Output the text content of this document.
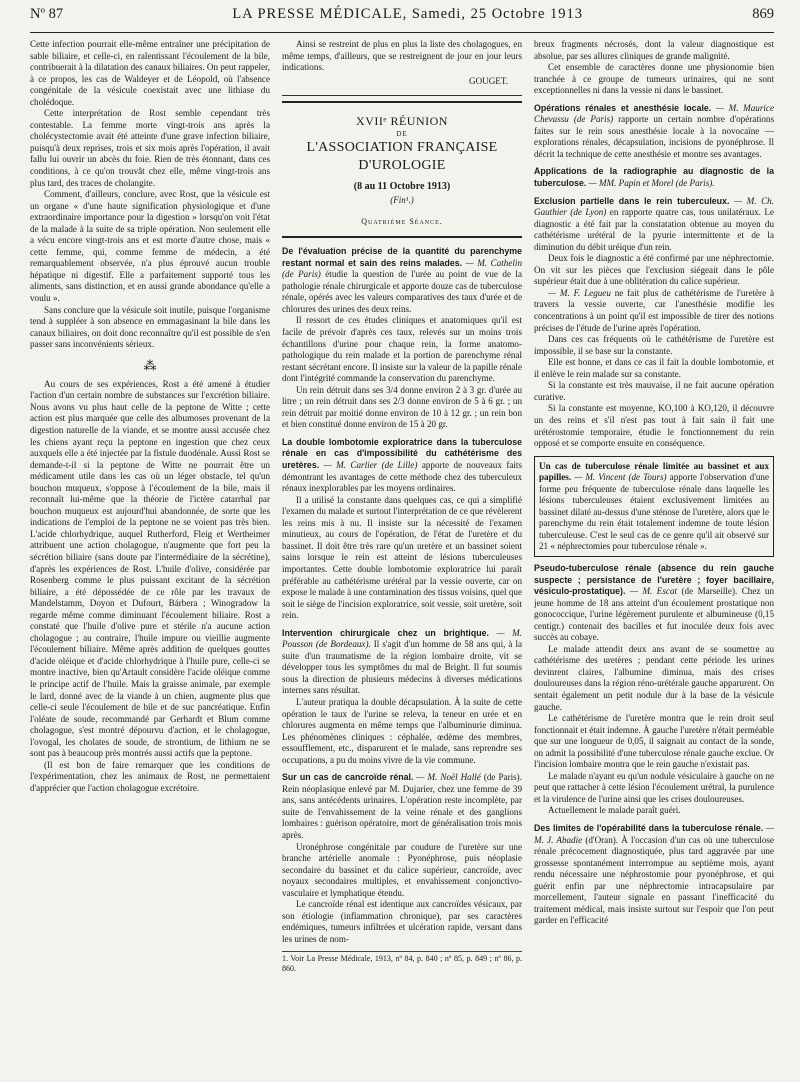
Nº 87	LA PRESSE MÉDICALE, Samedi, 25 Octobre 1913	869

Cette infection pourrait elle-même entraîner une précipitation de sable biliaire, et celle-ci, en ralentissant l'écoulement de la bile, contribuerait à la dilatation des canaux biliaires. On peut rappeler, à ce propos, les cas de Waldeyer et de Léopold, où l'absence congénitale de la vésicule coexistait avec une lithiase du cholédoque.

Cette interprétation de Rost semble cependant très contestable. La femme morte vingt-trois ans après la cholécystectomie avait été atteinte d'une grave infection biliaire, puisqu'à deux reprises, trois et six mois après l'opération, il avait fallu lui ouvrir un abcès du foie. Rien de très étonnant, dans ces conditions, à ce qu'on trouvât chez elle, même vingt-trois ans plus tard, des traces de cholangite.

Comment, d'ailleurs, conclure, avec Rost, que la vésicule est un organe « d'une haute signification physiologique et d'une extraordinaire importance pour la digestion » lorsqu'on voit l'état de la malade à la suite de sa triple opération. Non seulement elle a vécu encore vingt-trois ans et est morte d'autre chose, mais « cette femme, qui, comme femme de médecin, a été remarquablement observée, n'a plus éprouvé aucun trouble hépatique ni digestif. Elle a parfaitement supporté tous les aliments, sans distinction, et en aussi grande abondance qu'elle a voulu ».

Sans conclure que la vésicule soit inutile, puisque l'organisme tend à suppléer à son absence en emmagasinant la bile dans les canaux biliaires, on doit donc reconnaître qu'il est possible de s'en passer sans inconvénients sérieux.

⁂

Au cours de ses expériences, Rost a été amené à étudier l'action d'un certain nombre de substances sur l'excrétion biliaire. Nous avons vu plus haut celle de la peptone de Witte ; cette action est plus marquée que celle des albumoses provenant de la digestion naturelle de la viande, et se montre aussi accusée chez les chiens ayant reçu la peptone en ingestion que chez ceux auxquels elle a été injectée par la fistule duodénale. Aussi Rost se demande-t-il si la peptone de Witte ne pourrait être un médicament utile dans les cas où un léger obstacle, tel qu'un bouchon muqueux, s'oppose à l'écoulement de la bile, mais il reconnaît lui-même que la théorie de l'ictère catarrhal par bouchon muqueux est aujourd'hui abandonnée, de sorte que les indications de l'emploi de la peptone ne se voient pas très bien. L'acide chlorhydrique, auquel Rutherford, Fleig et Wertheimer attribuent une action cholagogue, n'augmente que fort peu la sécrétion biliaire (sans doute par l'intermédiaire de la sécrétine), d'après les expériences de Rost. L'huile d'olive, considérée par Rosenberg comme le plus puissant excitant de la sécrétion biliaire, a été dépossédée de ce rôle par les travaux de Mandelstamm, Doyon et Dufourt, Bárbera ; Winogradow la regarde même comme diminuant l'écoulement biliaire. Rost a constaté que l'huile d'olive pure et stérile n'a aucune action cholagogue ; au contraire, l'huile impure ou vieillie augmente l'écoulement biliaire. Même après addition de quelques gouttes d'acide oléique et d'acide chlorhydrique à l'huile pure, celle-ci se montre inactive, bien qu'Artault considère l'acide oléique comme le principe actif de l'huile. Mais la graisse animale, par exemple le lard, donné avec de la viande à un chien, augmente plus que celle-ci seule l'écoulement de bile et de suc pancréatique. Enfin l'oléate de soude, recommandé par Gerhardt et Blum comme cholagogue, s'est montré dépourvu d'action, et le cholagogue, l'ovogal, les cholates de soude, de strontium, de lithium ne se sont pas à beaucoup près montrés aussi actifs que la peptone.

(Il est bon de faire remarquer que les conditions de l'expérimentation, chez les animaux de Rost, ne permettaient d'apprécier que l'action cholagogue excrétoire.

Ainsi se restreint de plus en plus la liste des cholagogues, en même temps, d'ailleurs, que se restreignent de jour en jour leurs indications.

GOUGET.

XVIIᵉ RÉUNION
DE
L'ASSOCIATION FRANÇAISE D'UROLOGIE
(8 au 11 Octobre 1913)
(Fin¹.)
Quatrième Séance.

De l'évaluation précise de la quantité du parenchyme restant normal et sain des reins malades. — M. Cathelin (de Paris) étudie la question de l'urée au point de vue de la pathologie rénale chirurgicale et apporte douze cas de tuberculose rénale, opérés avec les valeurs comparatives des taux d'urée et de chlorures des urines des deux reins.

Il ressort de ces études cliniques et anatomiques qu'il est facile de prévoir d'après ces taux, relevés sur un moins trois échantillons d'urine pour chaque rein, la forme anatomo-pathologique du rein malade et la portion de parenchyme rénal restant sécrétant encore. Il insiste sur la valeur de la papille rénale dont l'intégrité commande la conservation du parenchyme.

Un rein détruit dans ses 3/4 donne environ 2 à 3 gr. d'urée au litre ; un rein détruit dans ses 2/3 donne environ de 5 à 6 gr. ; un rein détruit par moitié donne environ de 10 à 12 gr. ; un rein bon et bien constitué donne environ de 15 à 20 gr.

La double lombotomie exploratrice dans la tuberculose rénale en cas d'impossibilité du cathétérisme des uretères. — M. Carlier (de Lille) apporte de nouveaux faits démontrant les avantages de cette méthode chez des tuberculeux rénaux inexplorables par les moyens ordinaires.

Il a utilisé la constante dans quelques cas, ce qui a simplifié l'examen du malade et surtout l'interprétation de ce que révèlerent les reins mis à nu. Il insiste sur la nécessité de l'examen minutieux, au cours de l'opération, de l'état de l'uretère et du bassinet. Il doit être très rare qu'un uretère et un bassinet soient sains lorsque le rein est atteint de lésions tuberculeuses importantes. Cette double lombotomie exploratrice lui paraît préférable au cathétérisme urétéral par la vessie ouverte, car on expose le malade à une contamination des tissus voisins, quel que soit le siège de l'incision exploratrice, soit vessie, soit uretère, soit rein.

Intervention chirurgicale chez un brightique. — M. Pousson (de Bordeaux). Il s'agit d'un homme de 58 ans qui, à la suite d'un traumatisme de la région lombaire droite, vit se développer tous les symptômes du mal de Bright. Il fut soumis sous la direction de plusieurs médecins à diverses médications internes sans résultat.

L'auteur pratiqua la double décapsulation. À la suite de cette opération le taux de l'urine se releva, la teneur en urée et en chlorures augmenta en même temps que l'albuminurie diminua. Les phénomènes cliniques : céphalée, œdème des membres, essoufflement, etc., disparurent et le malade, sans reprendre ses occupations, a pu du moins vivre de la vie commune.

Sur un cas de cancroïde rénal. — M. Noël Hallé (de Paris). Rein néoplasique enlevé par M. Dujarier, chez une femme de 39 ans, sans antécédents urinaires. L'opération reste incomplète, par suite de l'envahissement de la veine rénale et des ganglions lombaires : guérison opératoire, mort de généralisation trois mois après.

Uronéphrose congénitale par coudure de l'uretère sur une branche artérielle anomale : Pyonéphrose, puis néoplasie secondaire du bassinet et du calice supérieur, cancroïde, avec noyaux secondaires multiples, et envahissement conjonctivo-vasculaire et lymphatique étendu.

Le cancroïde rénal est identique aux cancroïdes vésicaux, par son étiologie (inflammation chronique), par ses caractères endémiques, tumeurs infiltrées et ulcération rapide, versant dans les urines de nom-

1. Voir La Presse Médicale, 1913, nº 84, p. 840 ; nº 85, p. 849 ; nº 86, p. 860.

breux fragments nécrosés, dont la valeur diagnostique est absolue, par ses allures cliniques de grande malignité.

Cet ensemble de caractères donne une physionomie bien tranchée à ce groupe de tumeurs urinaires, qui ne sont exceptionnelles ni dans la vessie ni dans le bassinet.

Opérations rénales et anesthésie locale. — M. Maurice Chevassu (de Paris) rapporte un certain nombre d'opérations faites sur le rein sous anesthésie locale à la novocaïne — explorations rénales, décapsulation, incisions de pyonéphrose. Il décrit la technique de cette anesthésie et montre ses avantages.

Applications de la radiographie au diagnostic de la tuberculose. — MM. Papin et Morel (de Paris).

Exclusion partielle dans le rein tuberculeux. — M. Ch. Gauthier (de Lyon) en rapporte quatre cas, tous unilatéraux. Le diagnostic a été fait par la constatation obtenue au moyen du cathétérisme urétéral de la pyurie intermittente et de la diminution du débit uréique d'un rein.

Deux fois le diagnostic a été confirmé par une néphrectomie. On vit sur les pièces que l'exclusion siégeait dans le pôle supérieur était due à une oblitération du calice supérieur.

— M. F. Legueu ne fait plus de cathétérisme de l'uretère à travers la vessie ouverte, car l'anesthésie modifie les concentrations à un point qu'il est impossible de tirer des notions précises de l'étude de l'urine après l'opération.

Dans ces cas fréquents où le cathétérisme de l'uretère est impossible, il se base sur la constante.

Elle est bonne, et dans ce cas il fait la double lombotomie, et il enlève le rein malade sur sa constante.

Si la constante est très mauvaise, il ne fait aucune opération curative.

Si la constante est moyenne, KO,100 à KO,120, il découvre un des reins et s'il n'est pas tout à fait sain il fait une urétérostomie temporaire, étudie le fonctionnement du rein opposé et se comporte ensuite en conséquence.

Un cas de tuberculose rénale limitée au bassinet et aux papilles. — M. Vincent (de Tours) apporte l'observation d'une forme peu fréquente de tuberculose rénale dans laquelle les lésions tuberculeuses étaient exclusivement limitées au bassinet dilaté au-dessus d'une sténose de l'uretère, alors que le parenchyme du rein était totalement indemne de toute lésion tuberculeuse. C'est le seul cas de ce genre qu'il ait observé sur 21 « néphrectomies pour tuberculose rénale ».

Pseudo-tuberculose rénale (absence du rein gauche suspecte ; persistance de l'uretère ; foyer bacillaire, vésiculo-prostatique). — M. Escat (de Marseille). Chez un jeune homme de 18 ans atteint d'un écoulement prostatique non gonococcique, l'urine légèrement purulente et albumineuse (0,15 centigr.) contenait des bacilles et fut inoculée deux fois avec succès au cobaye.

Le malade attendit deux ans avant de se soumettre au cathétérisme des uretères ; pendant cette période les urines devinrent claires, l'albumine diminua, mais des crises douloureuses dans la région réno-urétérale gauche apparurent. On sentait également un petit nodule dur à la base de la vésicule gauche.

Le cathétérisme de l'uretère montra que le rein droit seul fonctionnait et était indemne. À gauche l'uretère n'était perméable que sur une longueur de 0,05, il saignait au contact de la sonde, on admit la possibilité d'une tuberculose rénale gauche exclue. Or l'incision lombaire montra que le rein gauche n'existait pas.

Le malade n'ayant eu qu'un nodule vésiculaire à gauche on ne peut que rattacher à cette lésion l'écoulement urétral, la purulence et la virulence de l'urine ainsi que les crises douloureuses.

Actuellement le malade paraît guéri.

Des limites de l'opérabilité dans la tuberculose rénale. — M. J. Abadie (d'Oran). À l'occasion d'un cas où une tuberculose rénale précocement diagnostiquée, plus tard aggravée par une grossesse spontanément interrompue au septième mois, ayant rendu nécessaire une néphrostomie pour pyonéphrose, et qui guérit enfin par une néphrectomie intracapsulaire par morcellement, l'auteur signale en passant l'inefficacité du traitement médical, mais insiste surtout sur l'espoir que l'on peut garder en l'efficacité
